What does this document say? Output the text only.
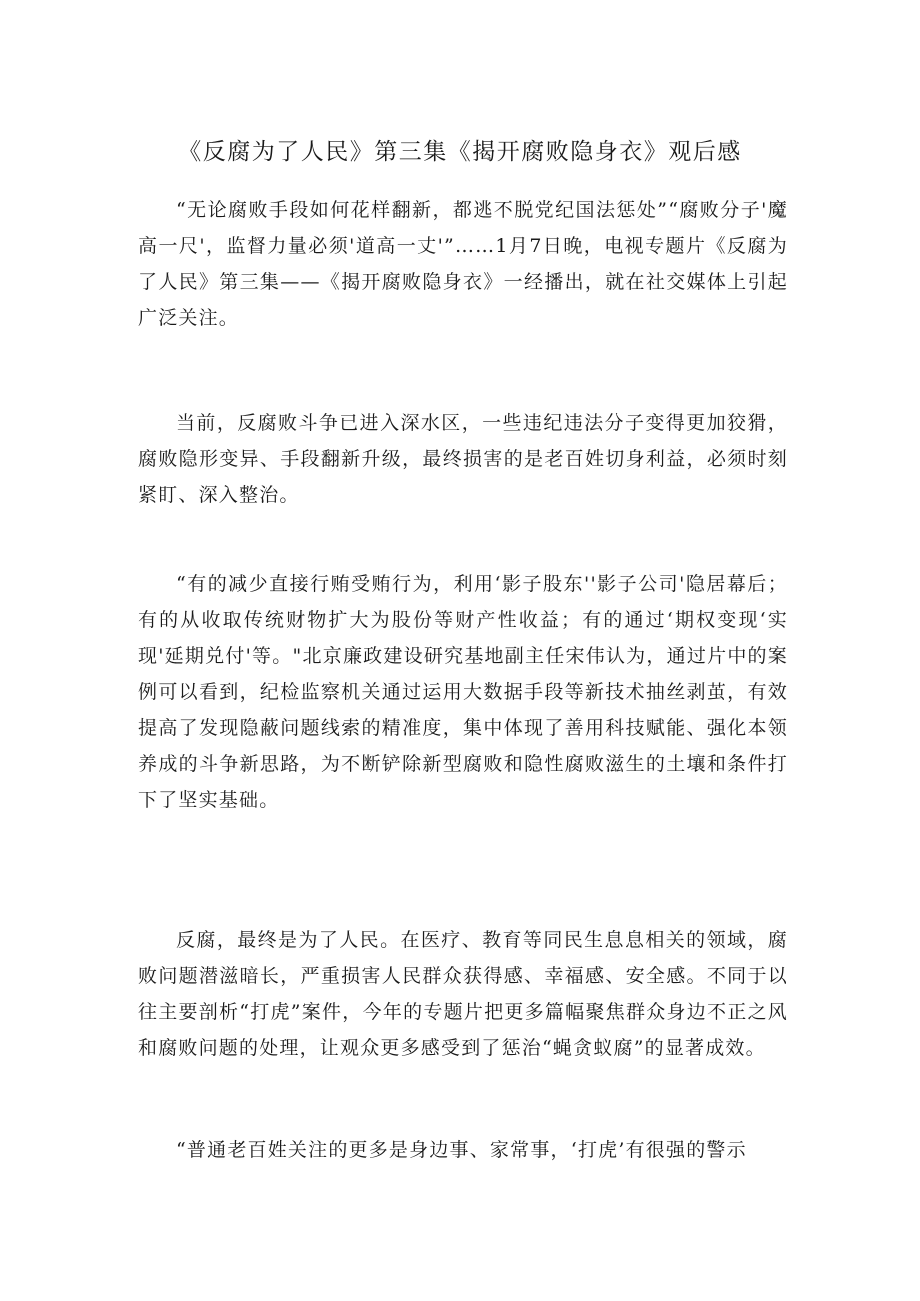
《反腐为了人民》第三集《揭开腐败隐身衣》观后感

“无论腐败手段如何花样翻新，都逃不脱党纪国法惩处”“腐败分子'魔高一尺'，监督力量必须'道高一丈'”……1月7日晚，电视专题片《反腐为了人民》第三集——《揭开腐败隐身衣》一经播出，就在社交媒体上引起广泛关注。

当前，反腐败斗争已进入深水区，一些违纪违法分子变得更加狡猾，腐败隐形变异、手段翻新升级，最终损害的是老百姓切身利益，必须时刻紧盯、深入整治。

“有的减少直接行贿受贿行为，利用‘影子股东''影子公司'隐居幕后；有的从收取传统财物扩大为股份等财产性收益；有的通过‘期权变现‘实现'延期兑付'等。"北京廉政建设研究基地副主任宋伟认为，通过片中的案例可以看到，纪检监察机关通过运用大数据手段等新技术抽丝剥茧，有效提高了发现隐蔽问题线索的精准度，集中体现了善用科技赋能、强化本领养成的斗争新思路，为不断铲除新型腐败和隐性腐败滋生的土壤和条件打下了坚实基础。

反腐，最终是为了人民。在医疗、教育等同民生息息相关的领域，腐败问题潜滋暗长，严重损害人民群众获得感、幸福感、安全感。不同于以往主要剖析“打虎”案件，今年的专题片把更多篇幅聚焦群众身边不正之风和腐败问题的处理，让观众更多感受到了惩治“蝇贪蚁腐”的显著成效。

“普通老百姓关注的更多是身边事、家常事，‘打虎’有很强的警示
